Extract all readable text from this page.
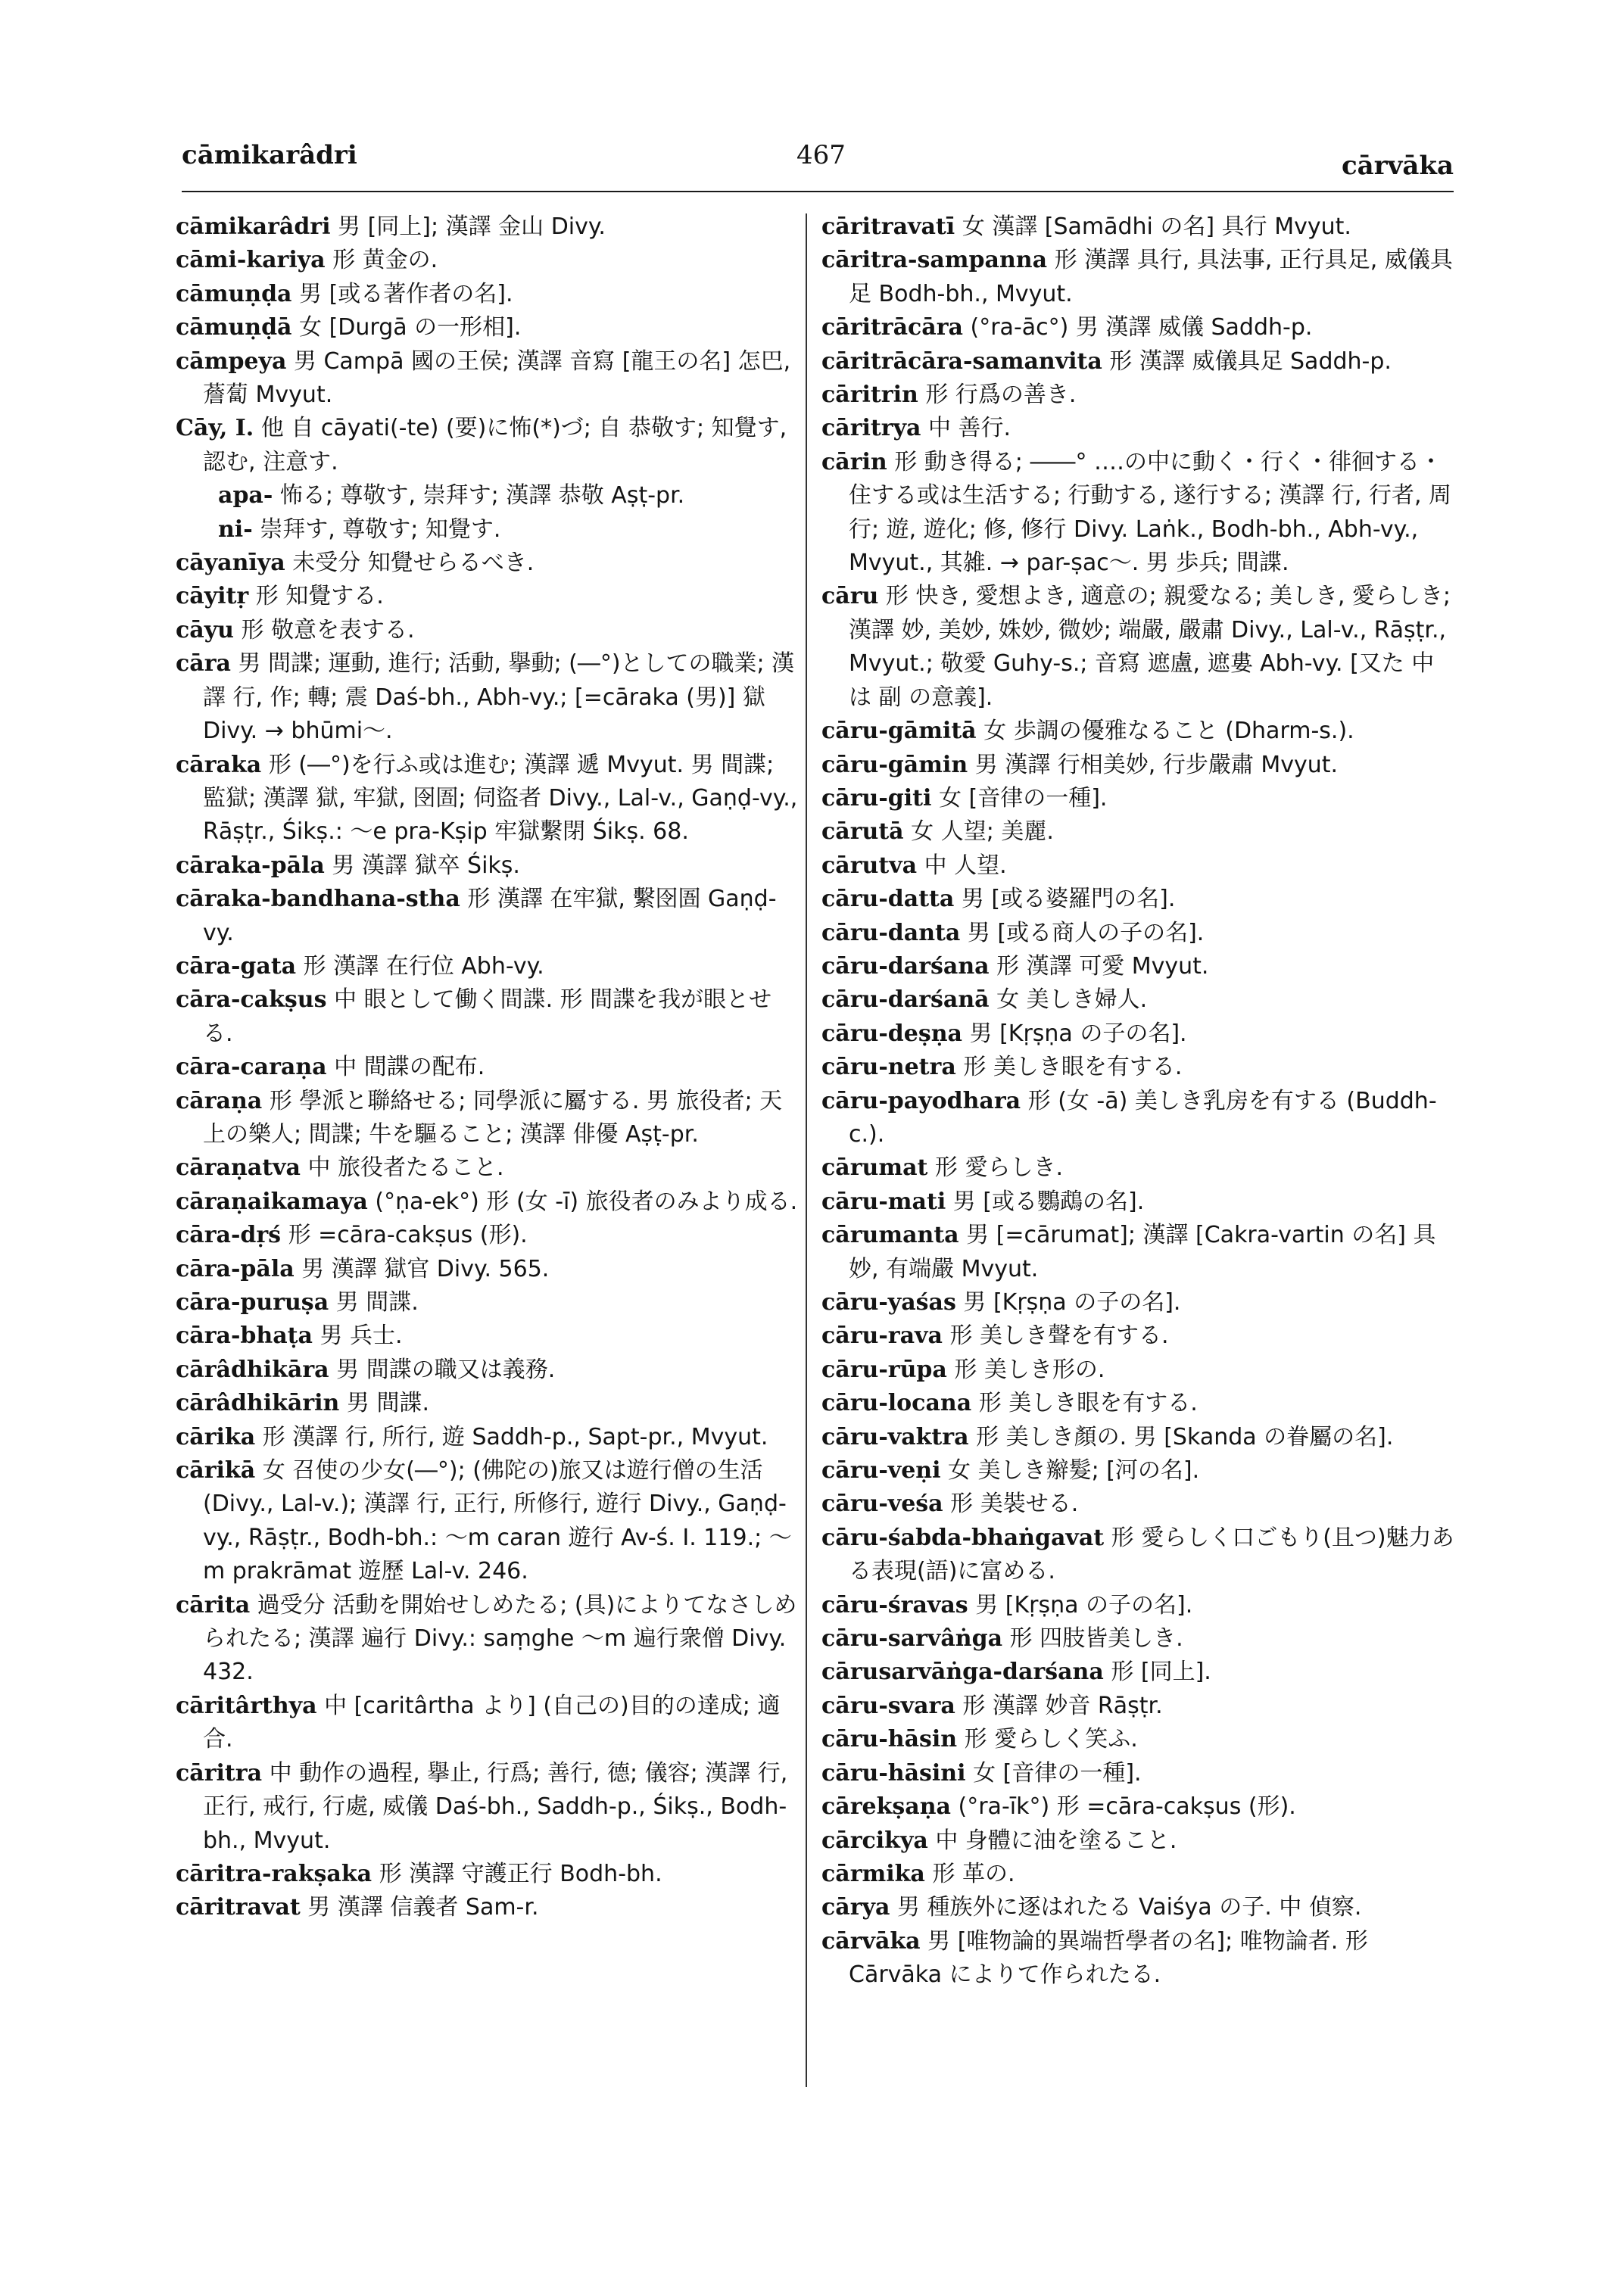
cāmikarâdri	467	cārvāka

cāmikarâdri 男 [同上]; 漢譯 金山 Divy.

cāmi-kariya 形 黄金の.

cāmuṇḍa 男 [或る著作者の名].

cāmuṇḍā 女 [Durgā の一形相].

cāmpeya 男 Campā 國の王侯; 漢譯 音寫 [龍王の名] 怎巴, 薝蔔 Mvyut.

Cāy, I. 他 自 cāyati(-te) (要)に怖(*)づ; 自 恭敬す; 知覺す, 認む, 注意す.

apa- 怖る; 尊敬す, 崇拜す; 漢譯 恭敬 Aṣṭ-pr.

ni- 崇拜す, 尊敬す; 知覺す.

cāyanīya 未受分 知覺せらるべき.

cāyitṛ 形 知覺する.

cāyu 形 敬意を表する.

cāra 男 間諜; 運動, 進行; 活動, 擧動; (―°)としての職業; 漢譯 行, 作; 轉; 震 Daś-bh., Abh-vy.; [=cāraka (男)] 獄 Divy. → bhūmi～.

cāraka 形 (―°)を行ふ或は進む; 漢譯 遞 Mvyut. 男 間諜; 監獄; 漢譯 獄, 牢獄, 囹圄; 伺盜者 Divy., Lal-v., Gaṇḍ-vy., Rāṣṭr., Śikṣ.: ～e pra-Kṣip 牢獄繫閉 Śikṣ. 68.

cāraka-pāla 男 漢譯 獄卒 Śikṣ.

cāraka-bandhana-stha 形 漢譯 在牢獄, 繫囹圄 Gaṇḍ-vy.

cāra-gata 形 漢譯 在行位 Abh-vy.

cāra-cakṣus 中 眼として働く間諜. 形 間諜を我が眼とせる.

cāra-caraṇa 中 間諜の配布.

cāraṇa 形 學派と聯絡せる; 同學派に屬する. 男 旅役者; 天上の樂人; 間諜; 牛を驅ること; 漢譯 俳優 Aṣṭ-pr.

cāraṇatva 中 旅役者たること.

cāraṇaikamaya (°ṇa-ek°) 形 (女 -ī) 旅役者のみより成る.

cāra-dṛś 形 =cāra-cakṣus (形).

cāra-pāla 男 漢譯 獄官 Divy. 565.

cāra-puruṣa 男 間諜.

cāra-bhaṭa 男 兵士.

cārâdhikāra 男 間諜の職又は義務.

cārâdhikārin 男 間諜.

cārika 形 漢譯 行, 所行, 遊 Saddh-p., Sapt-pr., Mvyut.

cārikā 女 召使の少女(―°); (佛陀の)旅又は遊行僧の生活 (Divy., Lal-v.); 漢譯 行, 正行, 所修行, 遊行 Divy., Gaṇḍ-vy., Rāṣṭr., Bodh-bh.: ～m caran 遊行 Av-ś. I. 119.; ～m prakrāmat 遊歷 Lal-v. 246.

cārita 過受分 活動を開始せしめたる; (具)によりてなさしめられたる; 漢譯 遍行 Divy.: saṃghe ～m 遍行衆僧 Divy. 432.

cāritârthya 中 [caritârtha より] (自己の)目的の達成; 適合.

cāritra 中 動作の過程, 擧止, 行爲; 善行, 德; 儀容; 漢譯 行, 正行, 戒行, 行處, 威儀 Daś-bh., Saddh-p., Śikṣ., Bodh-bh., Mvyut.

cāritra-rakṣaka 形 漢譯 守護正行 Bodh-bh.

cāritravat 男 漢譯 信義者 Sam-r.

cāritravatī 女 漢譯 [Samādhi の名] 具行 Mvyut.

cāritra-sampanna 形 漢譯 具行, 具法事, 正行具足, 威儀具足 Bodh-bh., Mvyut.

cāritrācāra (°ra-āc°) 男 漢譯 威儀 Saddh-p.

cāritrācāra-samanvita 形 漢譯 威儀具足 Saddh-p.

cāritrin 形 行爲の善き.

cāritrya 中 善行.

cārin 形 動き得る; ――° ‥‥の中に動く・行く・徘徊する・住する或は生活する; 行動する, 遂行する; 漢譯 行, 行者, 周行; 遊, 遊化; 修, 修行 Divy. Laṅk., Bodh-bh., Abh-vy., Mvyut., 其雑. → par-ṣac～. 男 歩兵; 間諜.

cāru 形 快き, 愛想よき, 適意の; 親愛なる; 美しき, 愛らしき; 漢譯 妙, 美妙, 姝妙, 微妙; 端嚴, 嚴肅 Divy., Lal-v., Rāṣṭr., Mvyut.; 敬愛 Guhy-s.; 音寫 遮盧, 遮婁 Abh-vy. [又た 中 は 副 の意義].

cāru-gāmitā 女 歩調の優雅なること (Dharm-s.).

cāru-gāmin 男 漢譯 行相美妙, 行步嚴肅 Mvyut.

cāru-giti 女 [音律の一種].

cārutā 女 人望; 美麗.

cārutva 中 人望.

cāru-datta 男 [或る婆羅門の名].

cāru-danta 男 [或る商人の子の名].

cāru-darśana 形 漢譯 可愛 Mvyut.

cāru-darśanā 女 美しき婦人.

cāru-deṣṇa 男 [Kṛṣṇa の子の名].

cāru-netra 形 美しき眼を有する.

cāru-payodhara 形 (女 -ā) 美しき乳房を有する (Buddh-c.).

cārumat 形 愛らしき.

cāru-mati 男 [或る鸚鵡の名].

cārumanta 男 [=cārumat]; 漢譯 [Cakra-vartin の名] 具妙, 有端嚴 Mvyut.

cāru-yaśas 男 [Kṛṣṇa の子の名].

cāru-rava 形 美しき聲を有する.

cāru-rūpa 形 美しき形の.

cāru-locana 形 美しき眼を有する.

cāru-vaktra 形 美しき顏の. 男 [Skanda の眷屬の名].

cāru-veṇi 女 美しき辮髮; [河の名].

cāru-veśa 形 美裝せる.

cāru-śabda-bhaṅgavat 形 愛らしく口ごもり(且つ)魅力ある表現(語)に富める.

cāru-śravas 男 [Kṛṣṇa の子の名].

cāru-sarvâṅga 形 四肢皆美しき.

cārusarvāṅga-darśana 形 [同上].

cāru-svara 形 漢譯 妙音 Rāṣṭr.

cāru-hāsin 形 愛らしく笑ふ.

cāru-hāsini 女 [音律の一種].

cārekṣaṇa (°ra-īk°) 形 =cāra-cakṣus (形).

cārcikya 中 身體に油を塗ること.

cārmika 形 革の.

cārya 男 種族外に逐はれたる Vaiśya の子. 中 偵察.

cārvāka 男 [唯物論的異端哲學者の名]; 唯物論者. 形 Cārvāka によりて作られたる.
